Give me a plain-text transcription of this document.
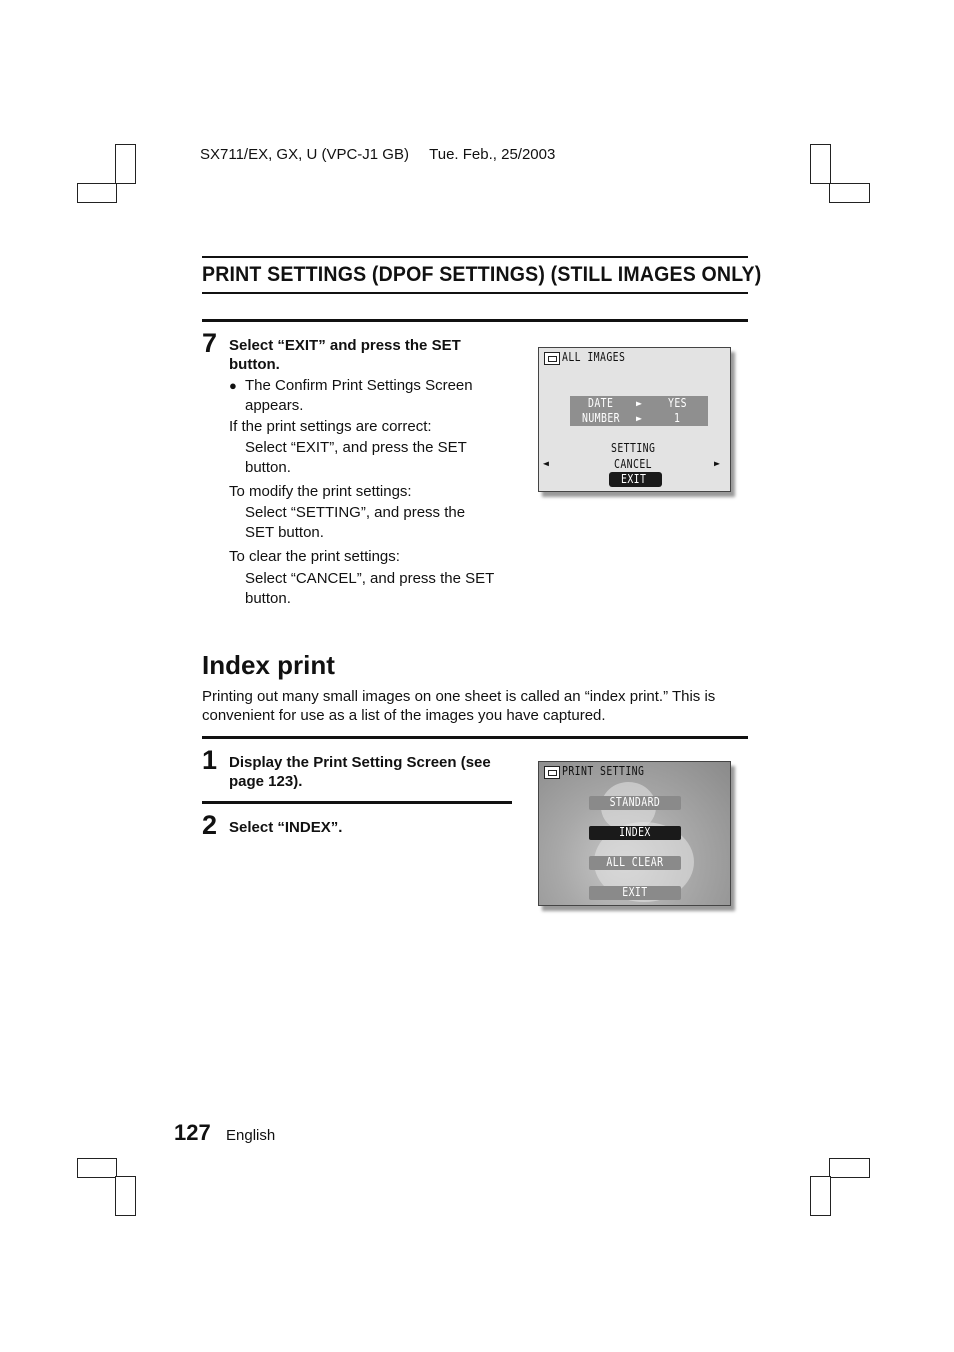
SX711/EX, GX, U (VPC-J1 GB) Tue. Feb., 25/2003
PRINT SETTINGS (DPOF SETTINGS) (STILL IMAGES ONLY)
7 Select “EXIT” and press the SET
button.
● The Confirm Print Settings Screen
appears.
If the print settings are correct:
Select “EXIT”, and press the SET
button.
To modify the print settings:
Select “SETTING”, and press the
SET button.
To clear the print settings:
Select “CANCEL”, and press the SET
button.
ALL IMAGES
DATE ► YES
NUMBER ►	1
SETTING
CANCEL
EXIT
◄	►
Index print
Printing out many small images on one sheet is called an “index print.” This is
convenient for use as a list of the images you have captured.
1 Display the Print Setting Screen (see
page 123).
2 Select “INDEX”.
PRINT SETTING
STANDARD
INDEX
ALL CLEAR
EXIT
127 English
